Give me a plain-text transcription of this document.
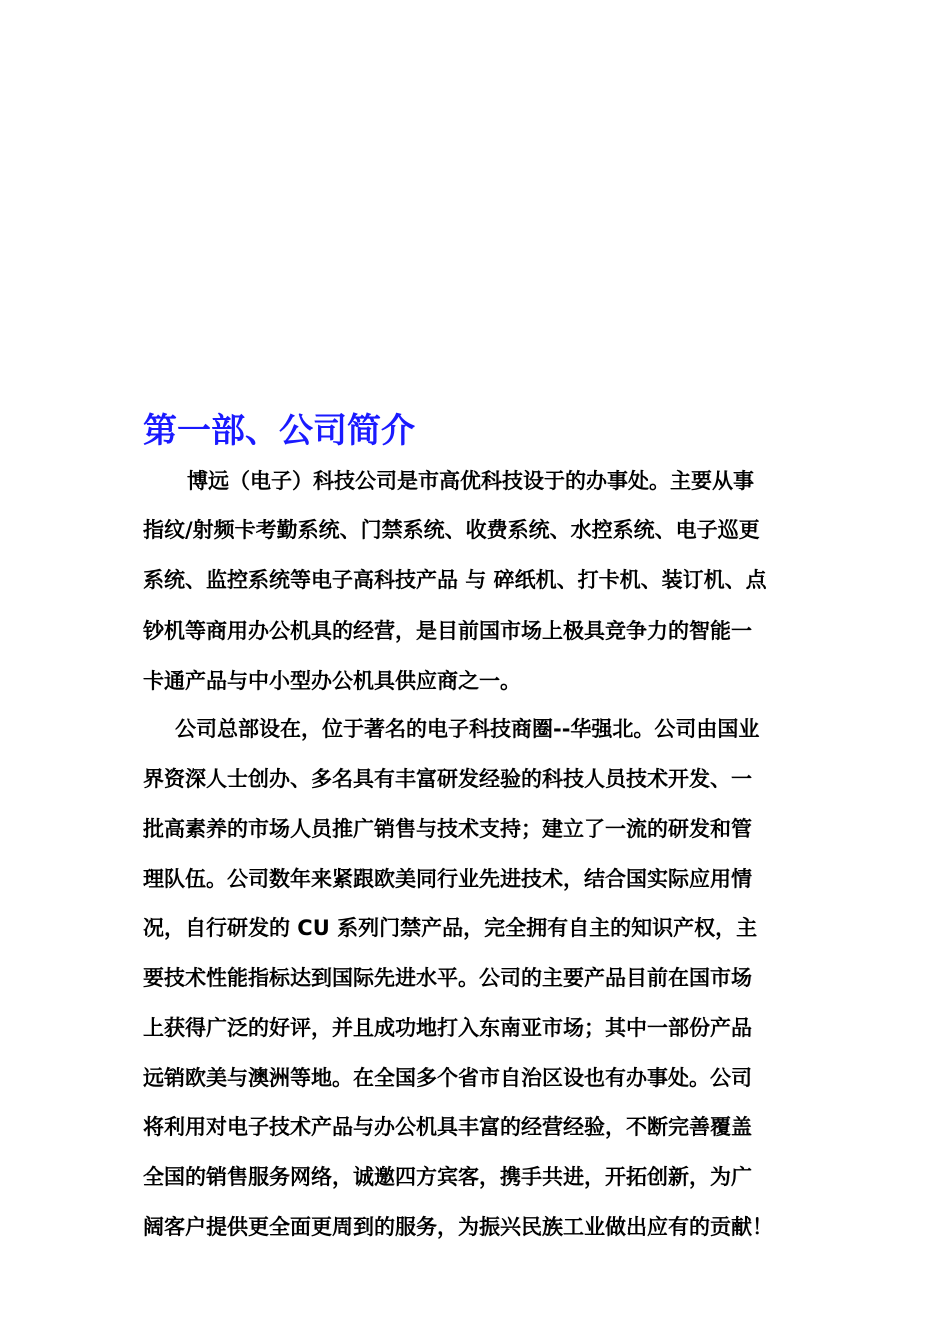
第一部、公司简介

博远（电子）科技公司是市高优科技设于的办事处。主要从事

指纹/射频卡考勤系统、门禁系统、收费系统、水控系统、电子巡更

系统、监控系统等电子高科技产品 与 碎纸机、打卡机、装订机、点

钞机等商用办公机具的经营，是目前国市场上极具竞争力的智能一

卡通产品与中小型办公机具供应商之一。

公司总部设在，位于著名的电子科技商圈--华强北。公司由国业

界资深人士创办、多名具有丰富研发经验的科技人员技术开发、一

批高素养的市场人员推广销售与技术支持；建立了一流的研发和管

理队伍。公司数年来紧跟欧美同行业先进技术，结合国实际应用情

况，自行研发的 CU 系列门禁产品，完全拥有自主的知识产权，主

要技术性能指标达到国际先进水平。公司的主要产品目前在国市场

上获得广泛的好评，并且成功地打入东南亚市场；其中一部份产品

远销欧美与澳洲等地。在全国多个省市自治区设也有办事处。公司

将利用对电子技术产品与办公机具丰富的经营经验，不断完善覆盖

全国的销售服务网络，诚邀四方宾客，携手共进，开拓创新，为广

阔客户提供更全面更周到的服务，为振兴民族工业做出应有的贡献！
